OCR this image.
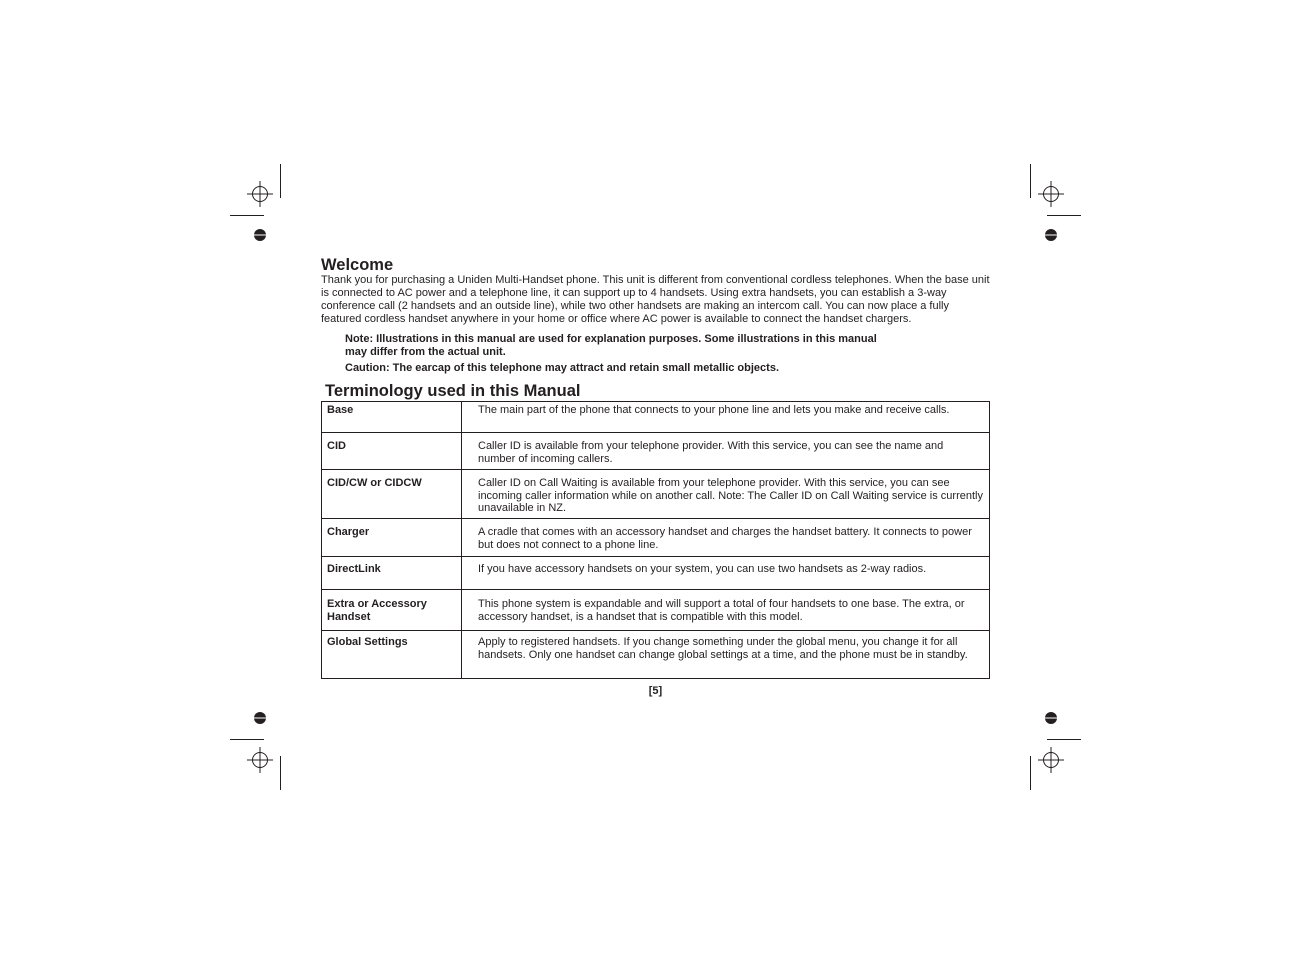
Welcome

Thank you for purchasing a Uniden Multi-Handset phone. This unit is different from conventional cordless telephones. When the base unit is connected to AC power and a telephone line, it can support up to 4 handsets. Using extra handsets, you can establish a 3-way conference call (2 handsets and an outside line), while two other handsets are making an intercom call. You can now place a fully featured cordless handset anywhere in your home or office where AC power is available to connect the handset chargers.

Note: Illustrations in this manual are used for explanation purposes. Some illustrations in this manual may differ from the actual unit.

Caution: The earcap of this telephone may attract and retain small metallic objects.

Terminology used in this Manual
Base	The main part of the phone that connects to your phone line and lets you make and receive calls.
CID	Caller ID is available from your telephone provider. With this service, you can see the name and number of incoming callers.
CID/CW or CIDCW	Caller ID on Call Waiting is available from your telephone provider. With this service, you can see incoming caller information while on another call. Note: The Caller ID on Call Waiting service is currently unavailable in NZ.
Charger	A cradle that comes with an accessory handset and charges the handset battery. It connects to power but does not connect to a phone line.
DirectLink	If you have accessory handsets on your system, you can use two handsets as 2-way radios.
Extra or Accessory Handset	This phone system is expandable and will support a total of four handsets to one base. The extra, or accessory handset, is a handset that is compatible with this model.
Global Settings	Apply to registered handsets. If you change something under the global menu, you change it for all handsets. Only one handset can change global settings at a time, and the phone must be in standby.
[5]
